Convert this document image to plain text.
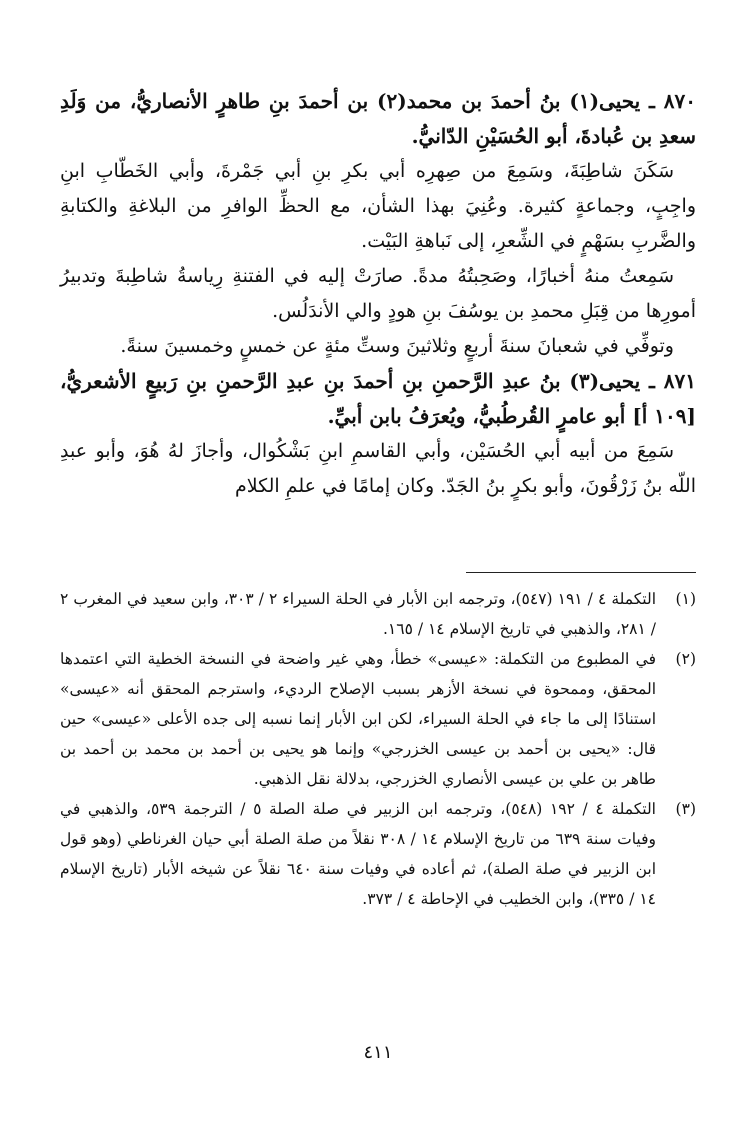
٨٧٠ ـ يحيى(١) بنُ أحمدَ بن محمد(٢) بن أحمدَ بنِ طاهرٍ الأنصاريُّ، من وَلَدِ سعدِ بن عُبادةَ، أبو الحُسَيْنِ الدّانيُّ.

سَكَنَ شاطِبَةَ، وسَمِعَ من صِهرِه أبي بكرِ بنِ أبي جَمْرةَ، وأبي الخَطّابِ ابنِ واجِبٍ، وجماعةٍ كثيرة. وعُنِيَ بهذا الشأن، مع الحظِّ الوافرِ من البلاغةِ والكتابةِ والضَّربِ بسَهْمٍ في الشِّعرِ، إلى نَباهةِ البَيْت.

سَمِعتُ منهُ أخبارًا، وصَحِبتُهُ مدةً. صارَتْ إليه في الفتنةِ رِياسةُ شاطِبةَ وتدبيرُ أمورِها من قِبَلِ محمدِ بن يوسُفَ بنِ هودٍ والي الأندَلُس.

وتوفِّي في شعبانَ سنةَ أربعٍ وثلاثينَ وستِّ مئةٍ عن خمسٍ وخمسينَ سنةً.

٨٧١ ـ يحيى(٣) بنُ عبدِ الرَّحمنِ بنِ أحمدَ بنِ عبدِ الرَّحمنِ بنِ رَبيعٍ الأشعريُّ، [١٠٩ أ] أبو عامرٍ القُرطُبيُّ، ويُعرَفُ بابن أبيِّ.

سَمِعَ من أبيه أبي الحُسَيْن، وأبي القاسمِ ابنِ بَشْكُوال، وأجازَ لهُ هُوَ، وأبو عبدِ اللّه بنُ زَرْقُونَ، وأبو بكرٍ بنُ الجَدّ. وكان إمامًا في علمِ الكلام

(١)
التكملة ٤ / ١٩١ (٥٤٧)، وترجمه ابن الأبار في الحلة السيراء ٢ / ٣٠٣، وابن سعيد في المغرب ٢ / ٢٨١، والذهبي في تاريخ الإسلام ١٤ / ١٦٥.
(٢)
في المطبوع من التكملة: «عيسى» خطأ، وهي غير واضحة في النسخة الخطية التي اعتمدها المحقق، وممحوة في نسخة الأزهر بسبب الإصلاح الرديء، واسترجم المحقق أنه «عيسى» استنادًا إلى ما جاء في الحلة السيراء، لكن ابن الأبار إنما نسبه إلى جده الأعلى «عيسى» حين قال: «يحيى بن أحمد بن عيسى الخزرجي» وإنما هو يحيى بن أحمد بن محمد بن أحمد بن طاهر بن علي بن عيسى الأنصاري الخزرجي، بدلالة نقل الذهبي.
(٣)
التكملة ٤ / ١٩٢ (٥٤٨)، وترجمه ابن الزبير في صلة الصلة ٥ / الترجمة ٥٣٩، والذهبي في وفيات سنة ٦٣٩ من تاريخ الإسلام ١٤ / ٣٠٨ نقلاً من صلة الصلة أبي حيان الغرناطي (وهو قول ابن الزبير في صلة الصلة)، ثم أعاده في وفيات سنة ٦٤٠ نقلاً عن شيخه الأبار (تاريخ الإسلام ١٤ / ٣٣٥)، وابن الخطيب في الإحاطة ٤ / ٣٧٣.
٤١١
